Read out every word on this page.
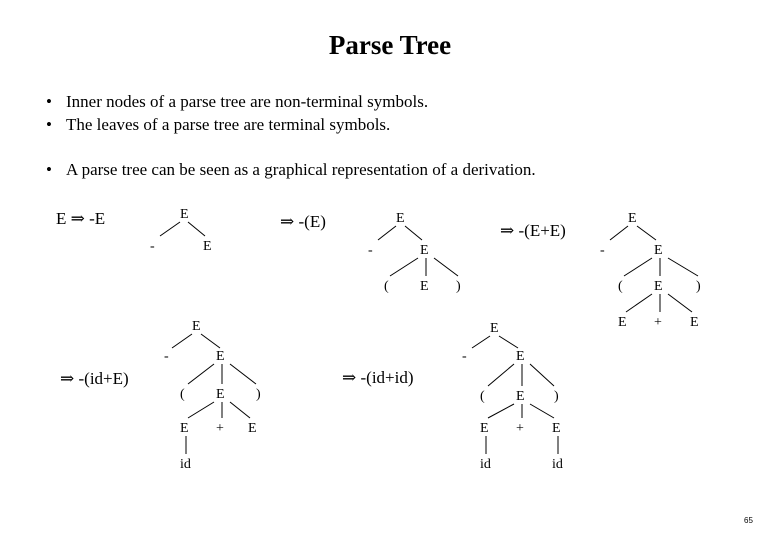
Parse Tree
• Inner nodes of a parse tree are non-terminal symbols.
• The leaves of a parse tree are terminal symbols.
• A parse tree can be seen as a graphical representation of a derivation.
E ⇒ -E	⇒ -(E)	⇒ -(E+E)
⇒ -(id+E)	⇒ -(id+id)
E
-	E
E
-	E
( E )
E
-	E
( E )
E + E
E
-	E
( E )
E + E
id
E
-	E
( E )
E + E
id	id
65
